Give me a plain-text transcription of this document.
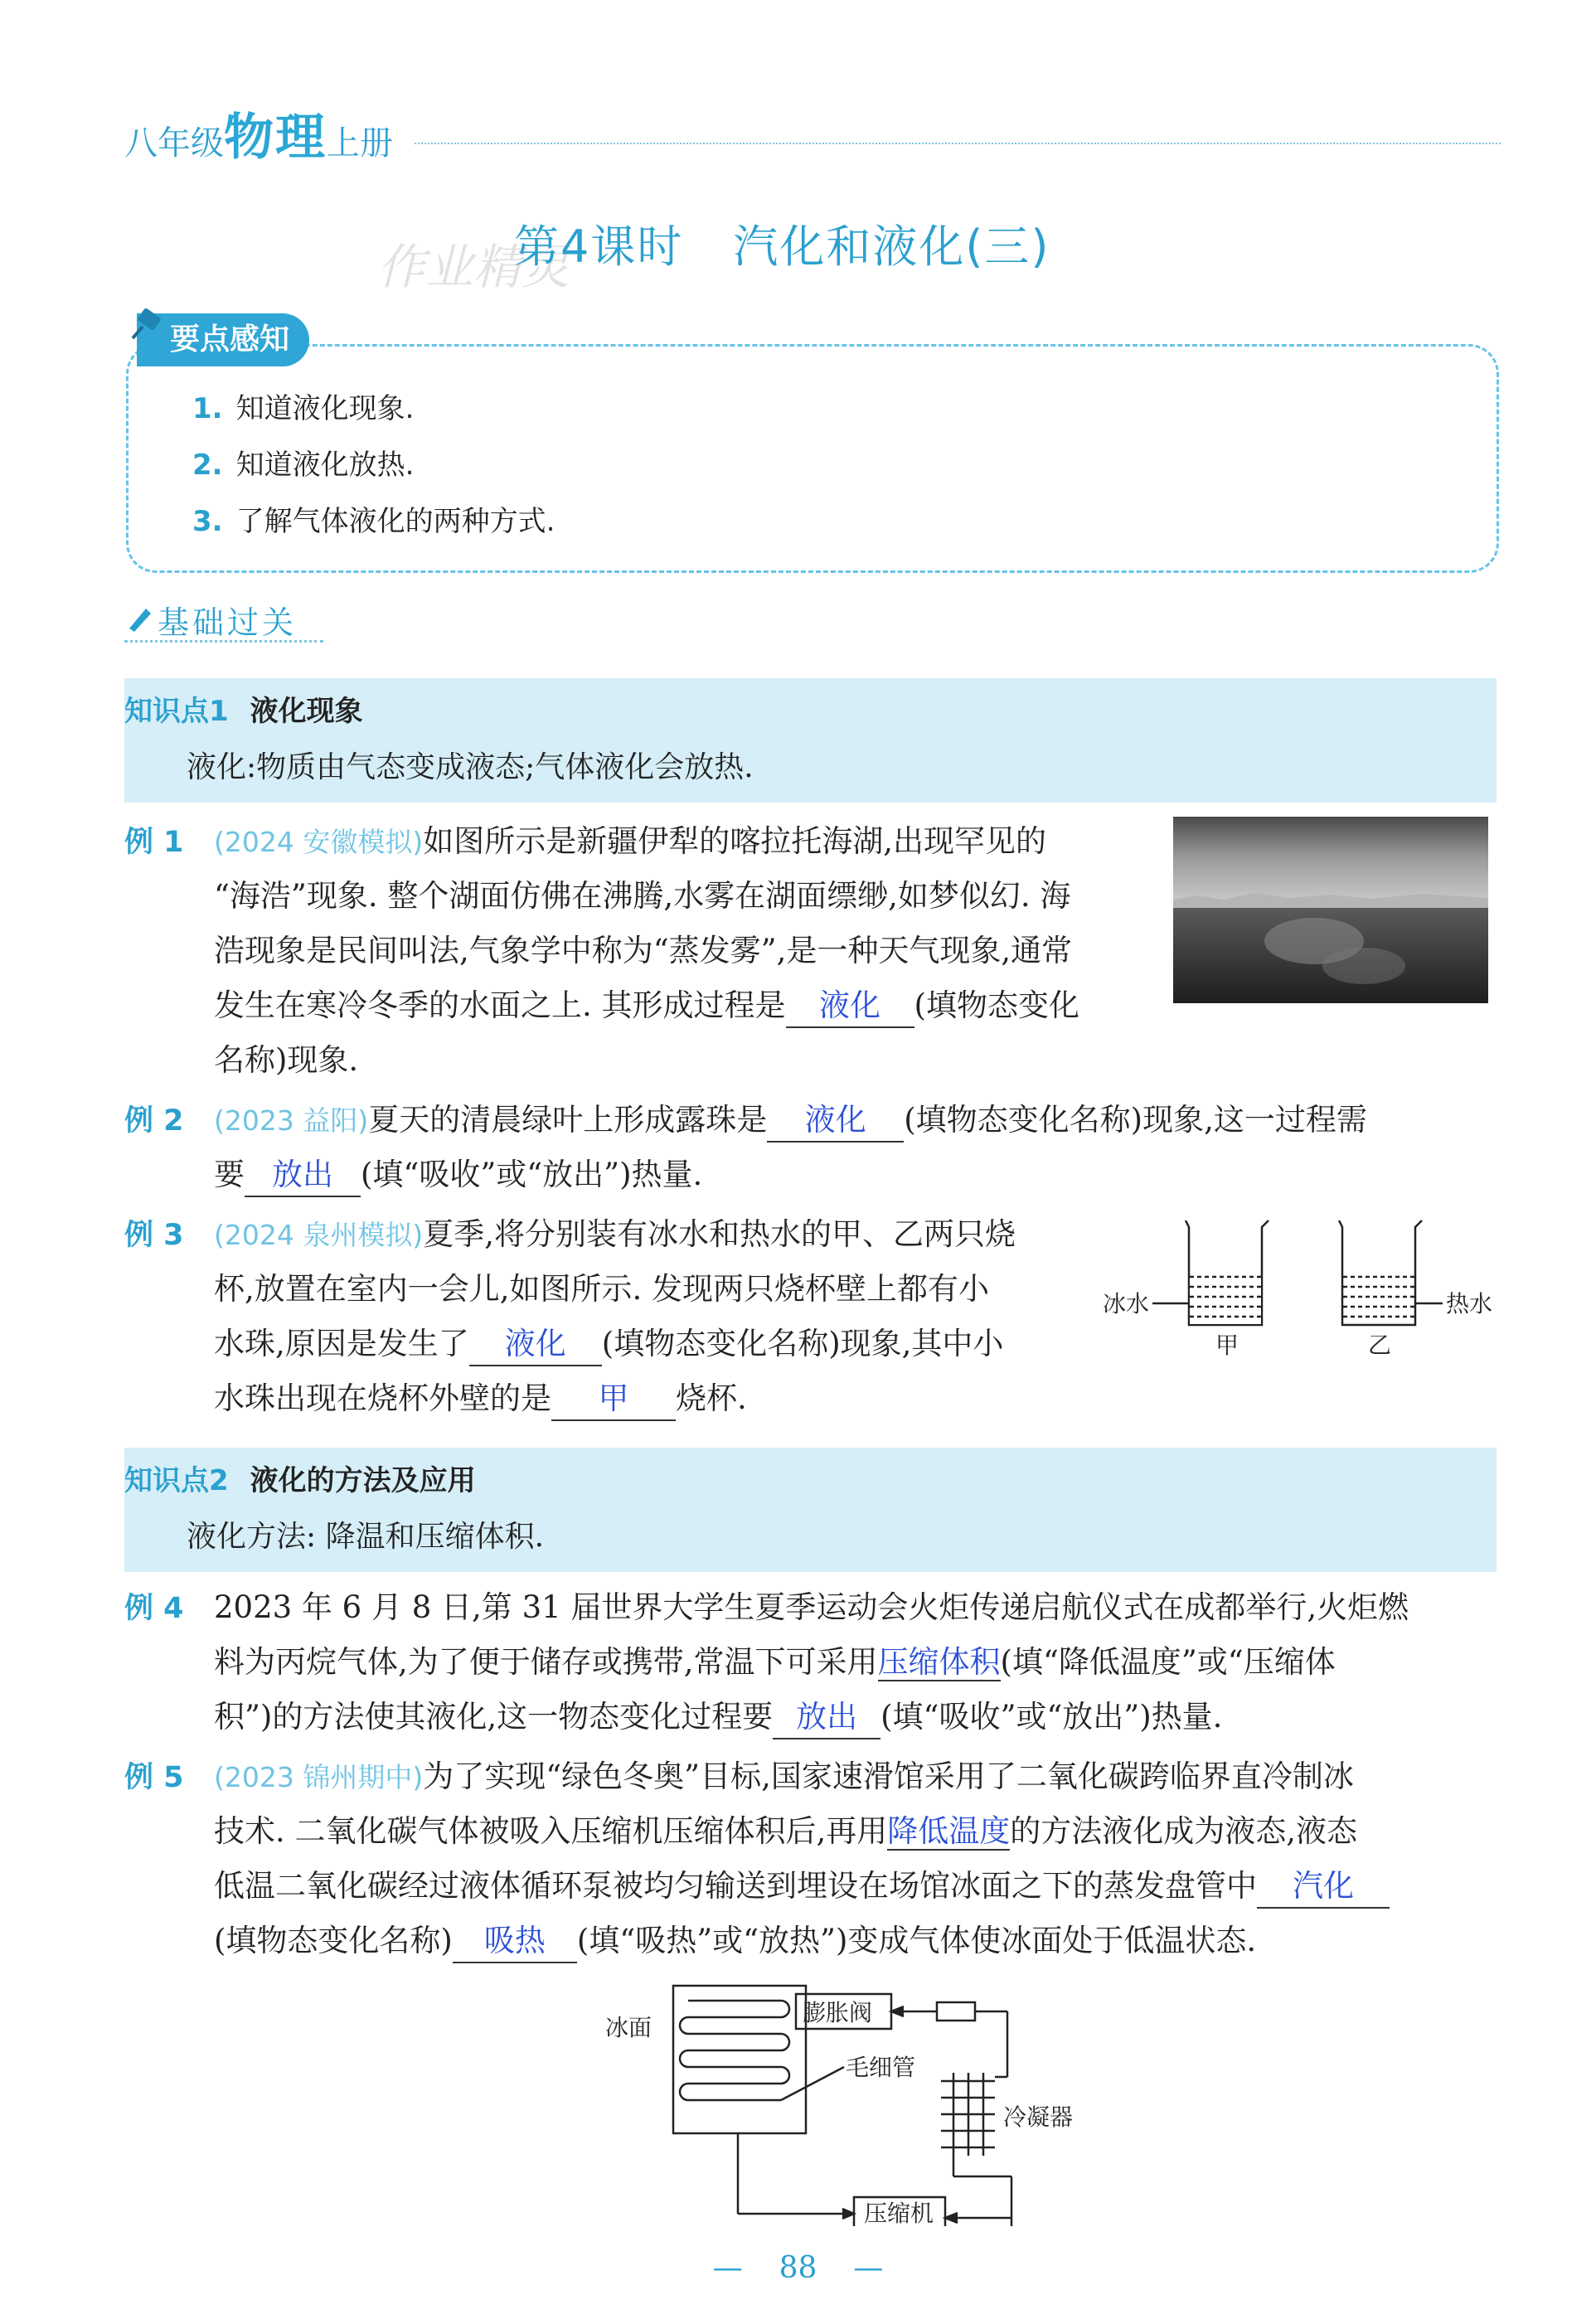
八年级物理上册
作业精灵
第4课时 汽化和液化(三)
要点感知
1. 知道液化现象.
2. 知道液化放热.
3. 了解气体液化的两种方式.
基础过关
知识点1 液化现象
液化:物质由气态变成液态;气体液化会放热.
例 1 (2024 安徽模拟)如图所示是新疆伊犁的喀拉托海湖,出现罕见的
“海浩”现象. 整个湖面仿佛在沸腾,水雾在湖面缥缈,如梦似幻. 海
浩现象是民间叫法,气象学中称为“蒸发雾”,是一种天气现象,通常
发生在寒冷冬季的水面之上. 其形成过程是 液化 (填物态变化
名称)现象.
例 2 (2023 益阳)夏天的清晨绿叶上形成露珠是 液化 (填物态变化名称)现象,这一过程需
要 放出 (填“吸收”或“放出”)热量.
例 3 (2024 泉州模拟)夏季,将分别装有冰水和热水的甲、乙两只烧
杯,放置在室内一会儿,如图所示. 发现两只烧杯壁上都有小
水珠,原因是发生了 液化 (填物态变化名称)现象,其中小
水珠出现在烧杯外壁的是 甲 烧杯.
冰水	热水
甲	乙
知识点2 液化的方法及应用
液化方法: 降温和压缩体积.
例 4 2023 年 6 月 8 日,第 31 届世界大学生夏季运动会火炬传递启航仪式在成都举行,火炬燃
料为丙烷气体,为了便于储存或携带,常温下可采用压缩体积(填“降低温度”或“压缩体
积”)的方法使其液化,这一物态变化过程要 放出 (填“吸收”或“放出”)热量.
例 5 (2023 锦州期中)为了实现“绿色冬奥”目标,国家速滑馆采用了二氧化碳跨临界直冷制冰
技术. 二氧化碳气体被吸入压缩机压缩体积后,再用降低温度的方法液化成为液态,液态
低温二氧化碳经过液体循环泵被均匀输送到埋设在场馆冰面之下的蒸发盘管中 汽化
(填物态变化名称) 吸热 (填“吸热”或“放热”)变成气体使冰面处于低温状态.
冰面
膨胀阀
毛细管
冷凝器
压缩机
— 88 —
